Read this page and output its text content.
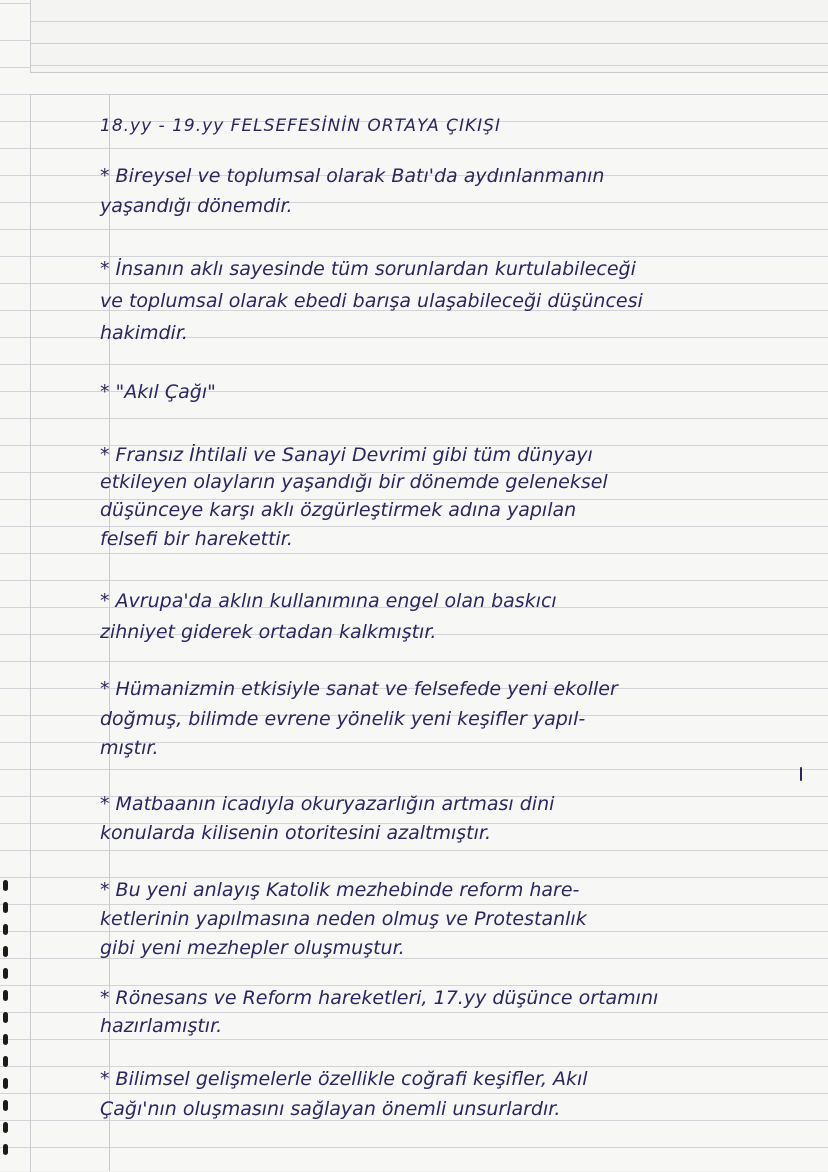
18.yy - 19.yy FELSEFESİNİN ORTAYA ÇIKIŞI
* Bireysel ve toplumsal olarak Batı'da aydınlanmanın
yaşandığı dönemdir.
* İnsanın aklı sayesinde tüm sorunlardan kurtulabileceği
ve toplumsal olarak ebedi barışa ulaşabileceği düşüncesi
hakimdir.
* "Akıl Çağı"
* Fransız İhtilali ve Sanayi Devrimi gibi tüm dünyayı
etkileyen olayların yaşandığı bir dönemde geleneksel
düşünceye karşı aklı özgürleştirmek adına yapılan
felsefi bir harekettir.
* Avrupa'da aklın kullanımına engel olan baskıcı
zihniyet giderek ortadan kalkmıştır.
* Hümanizmin etkisiyle sanat ve felsefede yeni ekoller
doğmuş, bilimde evrene yönelik yeni keşifler yapıl-
mıştır.
* Matbaanın icadıyla okuryazarlığın artması dini
konularda kilisenin otoritesini azaltmıştır.
* Bu yeni anlayış Katolik mezhebinde reform hare-
ketlerinin yapılmasına neden olmuş ve Protestanlık
gibi yeni mezhepler oluşmuştur.
* Rönesans ve Reform hareketleri, 17.yy düşünce ortamını
hazırlamıştır.
* Bilimsel gelişmelerle özellikle coğrafi keşifler, Akıl
Çağı'nın oluşmasını sağlayan önemli unsurlardır.
